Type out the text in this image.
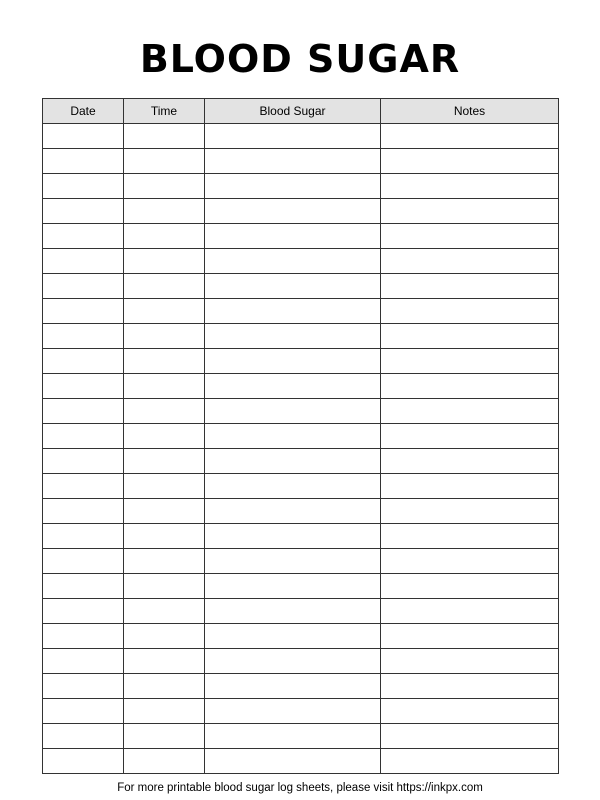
BLOOD SUGAR
Date	Time	Blood Sugar	Notes

For more printable blood sugar log sheets, please visit https://inkpx.com
